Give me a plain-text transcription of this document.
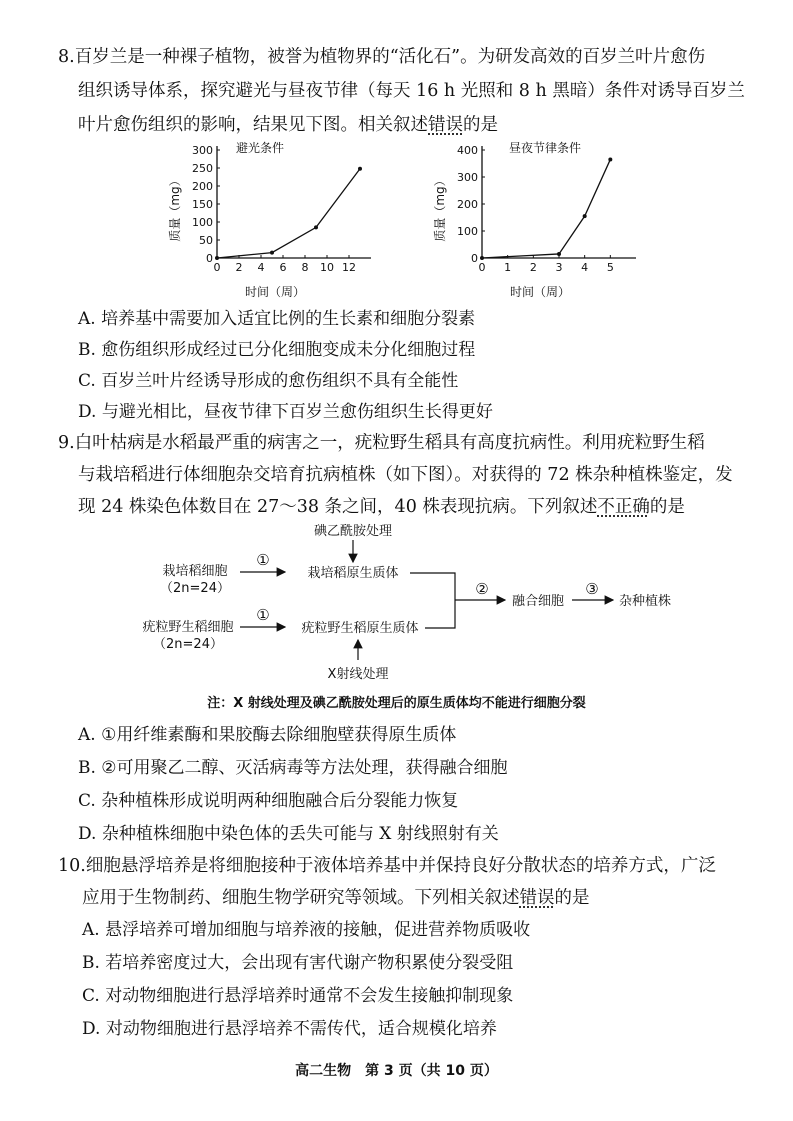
8.百岁兰是一种裸子植物，被誉为植物界的“活化石”。为研发高效的百岁兰叶片愈伤
组织诱导体系，探究避光与昼夜节律（每天 16 h 光照和 8 h 黑暗）条件对诱导百岁兰
叶片愈伤组织的影响，结果见下图。相关叙述错误的是
避光条件
0 2 4 6 8 10 12
0
50
100
150
200
250
300
时间（周）
质量（mg）
昼夜节律条件
0 1 2 3 4 5
0
100
200
300
400
时间（周）
质量（mg）
A. 培养基中需要加入适宜比例的生长素和细胞分裂素
B. 愈伤组织形成经过已分化细胞变成未分化细胞过程
C. 百岁兰叶片经诱导形成的愈伤组织不具有全能性
D. 与避光相比，昼夜节律下百岁兰愈伤组织生长得更好
9.白叶枯病是水稻最严重的病害之一，疣粒野生稻具有高度抗病性。利用疣粒野生稻
与栽培稻进行体细胞杂交培育抗病植株（如下图）。对获得的 72 株杂种植株鉴定，发
现 24 株染色体数目在 27～38 条之间，40 株表现抗病。下列叙述不正确的是
碘乙酰胺处理
栽培稻细胞
（2n=24）
①
栽培稻原生质体
疣粒野生稻细胞
（2n=24）
①
疣粒野生稻原生质体
X射线处理
②
融合细胞
③
杂种植株
注：X 射线处理及碘乙酰胺处理后的原生质体均不能进行细胞分裂
A. ①用纤维素酶和果胶酶去除细胞壁获得原生质体
B. ②可用聚乙二醇、灭活病毒等方法处理，获得融合细胞
C. 杂种植株形成说明两种细胞融合后分裂能力恢复
D. 杂种植株细胞中染色体的丢失可能与 X 射线照射有关
10.细胞悬浮培养是将细胞接种于液体培养基中并保持良好分散状态的培养方式，广泛
应用于生物制药、细胞生物学研究等领域。下列相关叙述错误的是
A. 悬浮培养可增加细胞与培养液的接触，促进营养物质吸收
B. 若培养密度过大，会出现有害代谢产物积累使分裂受阻
C. 对动物细胞进行悬浮培养时通常不会发生接触抑制现象
D. 对动物细胞进行悬浮培养不需传代，适合规模化培养
高二生物　第 3 页（共 10 页）
